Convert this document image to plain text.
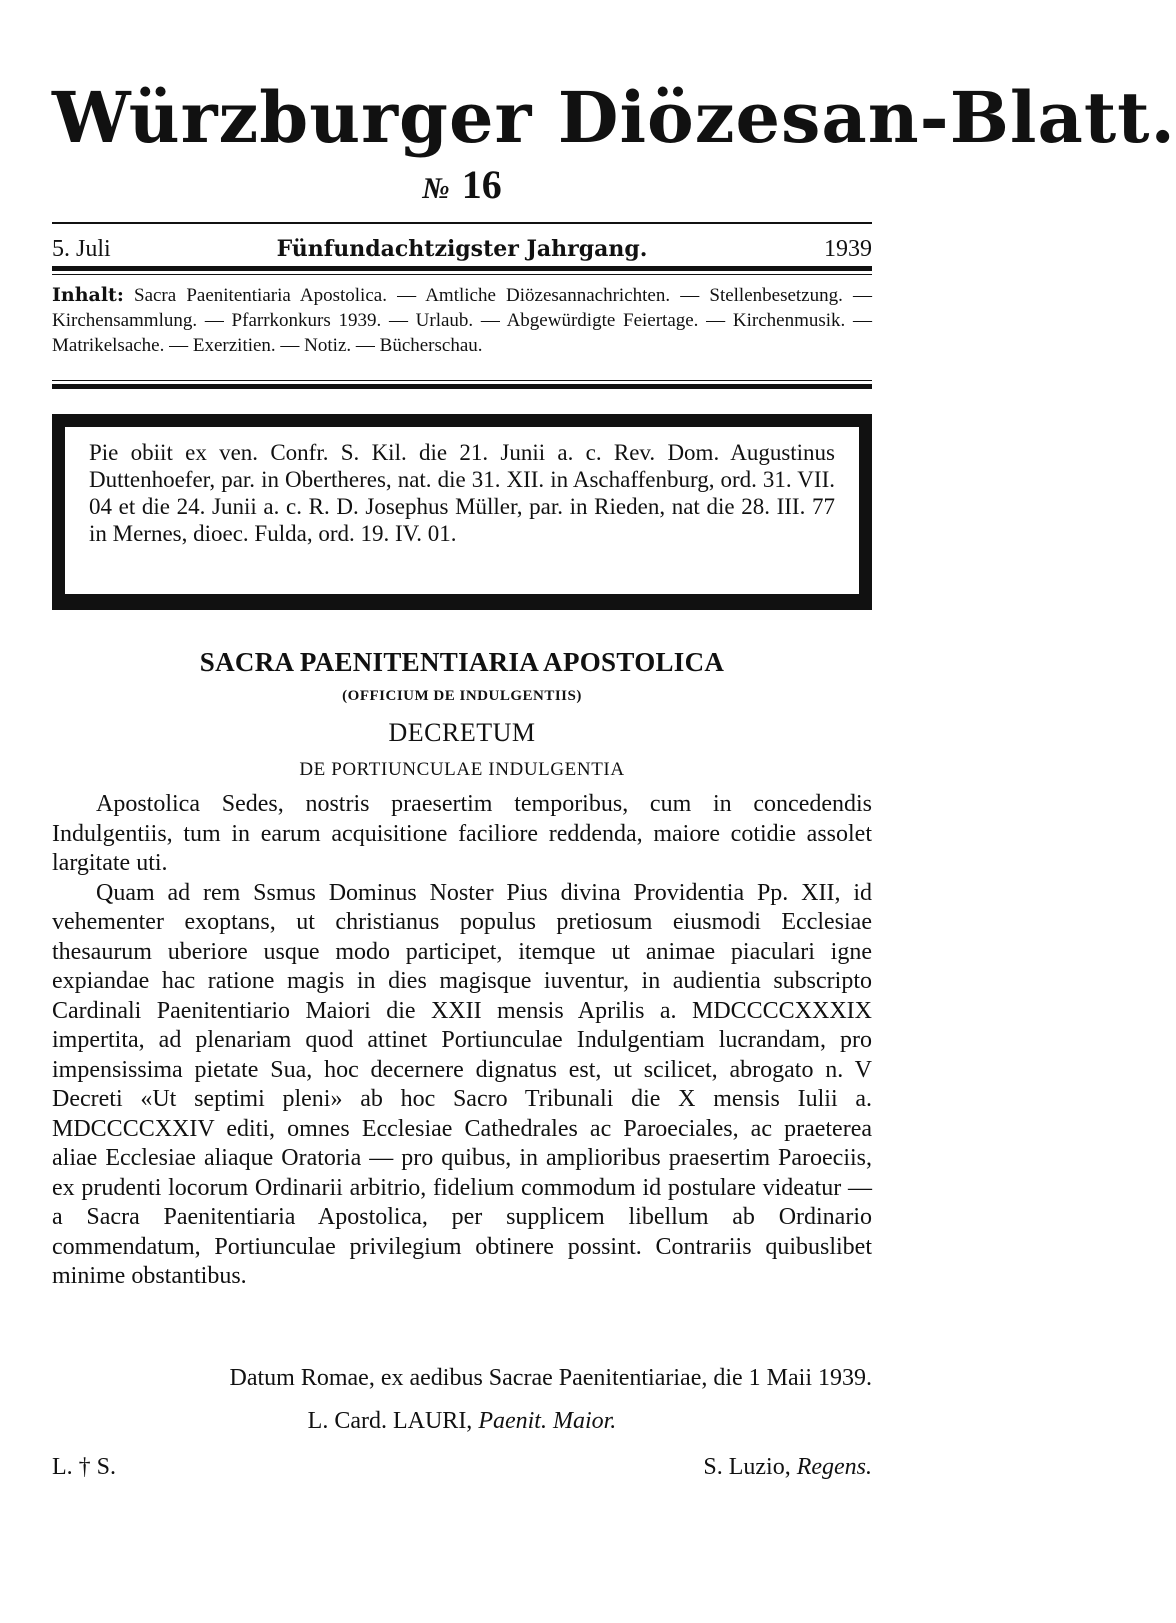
Würzburger Diözesan-Blatt.
№ 16
5. Juli	Fünfundachtzigster Jahrgang.	1939
Inhalt: Sacra Paenitentiaria Apostolica. — Amtliche Diözesannachrichten. — Stellenbesetzung. — Kirchensammlung. — Pfarrkonkurs 1939. — Urlaub. — Abgewürdigte Feiertage. — Kirchenmusik. — Matrikelsache. — Exerzitien. — Notiz. — Bücherschau.

Pie obiit ex ven. Confr. S. Kil. die 21. Junii a. c. Rev. Dom. Augustinus Duttenhoefer, par. in Obertheres, nat. die 31. XII. in Aschaffenburg, ord. 31. VII. 04 et die 24. Junii a. c. R. D. Josephus Müller, par. in Rieden, nat die 28. III. 77 in Mernes, dioec. Fulda, ord. 19. IV. 01.

SACRA PAENITENTIARIA APOSTOLICA
(OFFICIUM DE INDULGENTIIS)
DECRETUM
DE PORTIUNCULAE INDULGENTIA

Apostolica Sedes, nostris praesertim temporibus, cum in concedendis Indulgentiis, tum in earum acquisitione faciliore reddenda, maiore cotidie assolet largitate uti.

Quam ad rem Ssmus Dominus Noster Pius divina Providentia Pp. XII, id vehementer exoptans, ut christianus populus pretiosum eiusmodi Ecclesiae thesaurum uberiore usque modo participet, itemque ut animae piaculari igne expiandae hac ratione magis in dies magisque iuventur, in audientia subscripto Cardinali Paenitentiario Maiori die XXII mensis Aprilis a. MDCCCCXXXIX impertita, ad plenariam quod attinet Portiunculae Indulgentiam lucrandam, pro impensissima pietate Sua, hoc decernere dignatus est, ut scilicet, abrogato n. V Decreti «Ut septimi pleni» ab hoc Sacro Tribunali die X mensis Iulii a. MDCCCCXXIV editi, omnes Ecclesiae Cathedrales ac Paroeciales, ac praeterea aliae Ecclesiae aliaque Oratoria — pro quibus, in amplioribus praesertim Paroeciis, ex prudenti locorum Ordinarii arbitrio, fidelium commodum id postulare videatur — a Sacra Paenitentiaria Apostolica, per supplicem libellum ab Ordinario commendatum, Portiunculae privilegium obtinere possint. Contrariis quibuslibet minime obstantibus.

Datum Romae, ex aedibus Sacrae Paenitentiariae, die 1 Maii 1939.
L. Card. LAURI, Paenit. Maior.
L. † S.	S. Luzio, Regens.
